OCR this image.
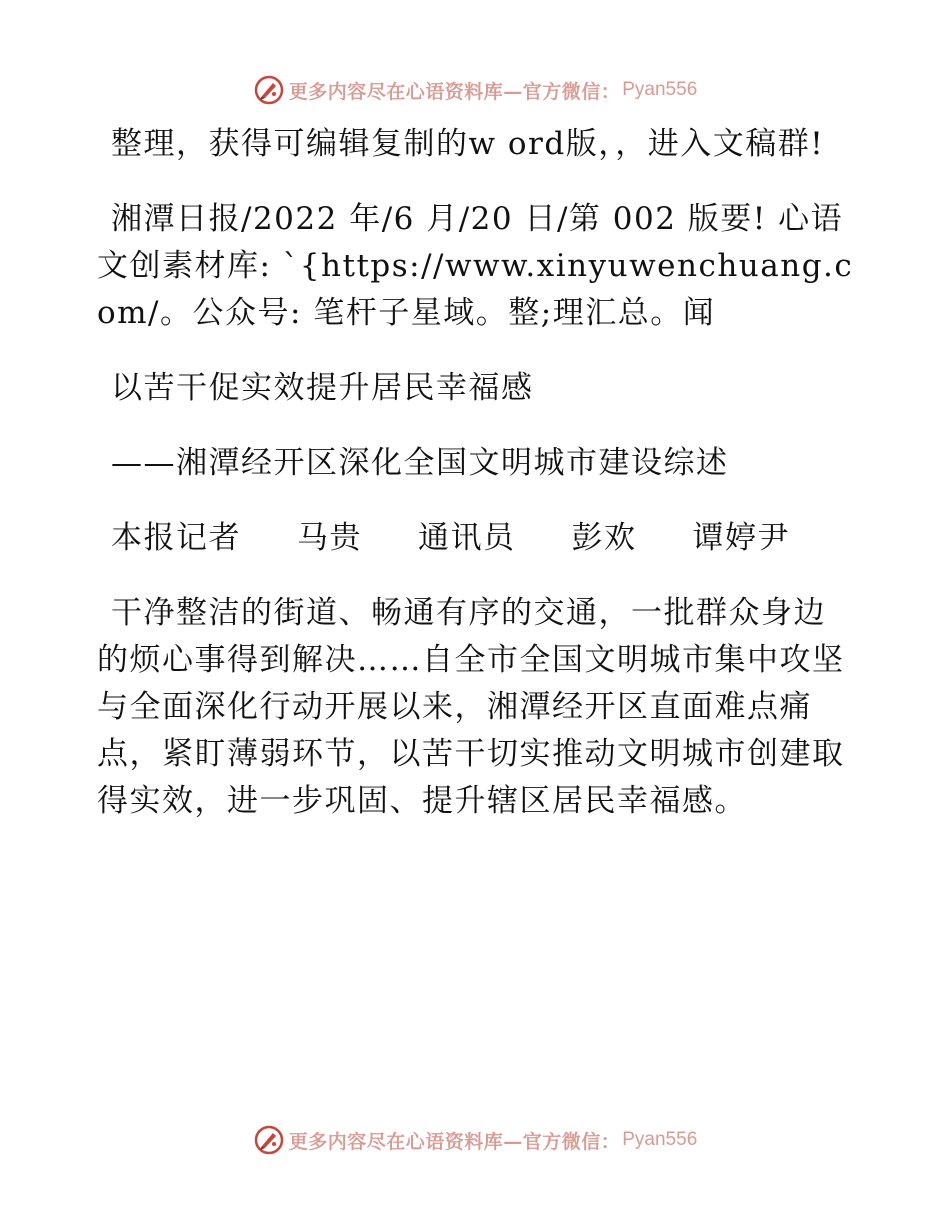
更多内容尽在心语资料库—官方微信： Pyan556

整理，获得可编辑复制的w ord版，，进入文稿群!

湘潭日报/2022 年/6 月/20 日/第 002 版要! 心语文创素材库: `{https://www.xinyuwenchuang.com/。公众号: 笔杆子星域。整;理汇总。闻

以苦干促实效提升居民幸福感

——湘潭经开区深化全国文明城市建设综述

本报记者	马贵	通讯员	彭欢	谭婷尹

干净整洁的街道、畅通有序的交通，一批群众身边的烦心事得到解决……自全市全国文明城市集中攻坚与全面深化行动开展以来，湘潭经开区直面难点痛点，紧盯薄弱环节，以苦干切实推动文明城市创建取得实效，进一步巩固、提升辖区居民幸福感。

更多内容尽在心语资料库—官方微信： Pyan556
